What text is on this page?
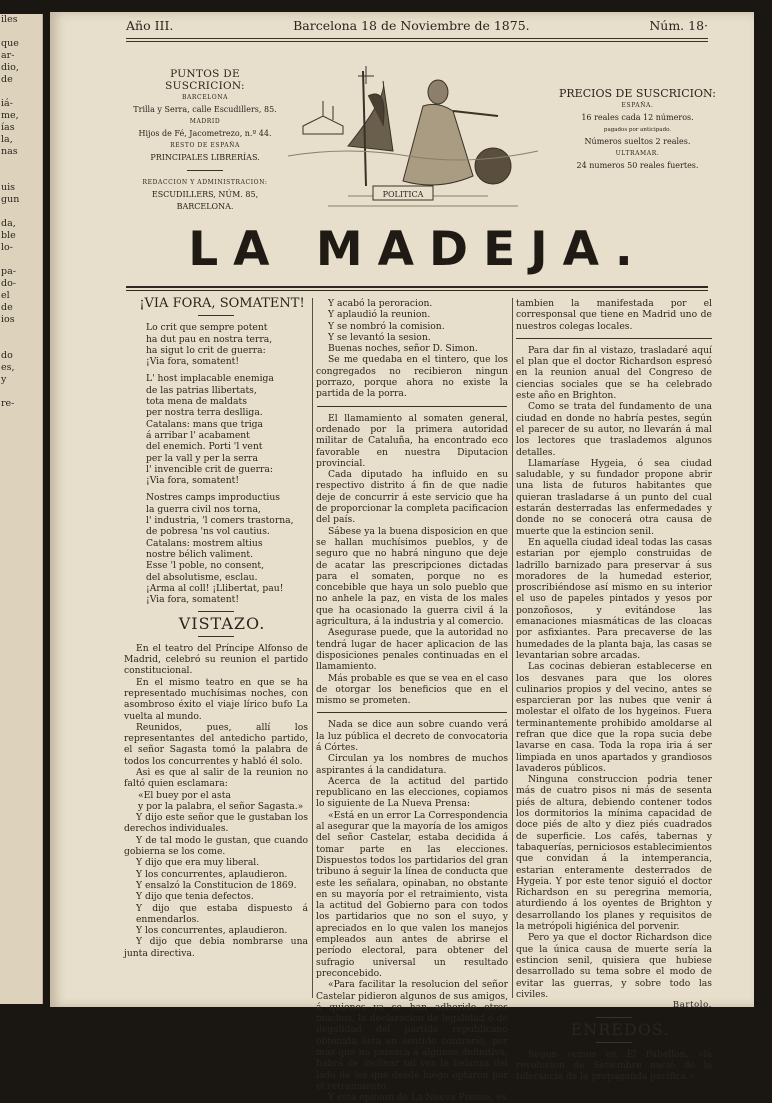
iles

que
ar-
dio,
de

iá-
me,
ías
la,
nas

uis
gun

da,
ble
lo-

pa-
do-
el
de
ios

do
es,
y

re-
Año III.	Barcelona 18 de Noviembre de 1875.	Núm. 18·
PUNTOS DE SUSCRICION:
BARCELONA
Trilla y Serra, calle Escudillers, 85.
MADRID
Hijos de Fé, Jacometrezo, n.º 44.
RESTO DE ESPAÑA
PRINCIPALES LIBRERÍAS.
REDACCION Y ADMINISTRACION:
ESCUDILLERS, NÚM. 85, BARCELONA.
POLITICA
PRECIOS DE SUSCRICION:
ESPAÑA.
16 reales cada 12 números.
pagados por anticipado.
Números sueltos 2 reales.
ULTRAMAR.
24 numeros 50 reales fuertes.
LA MADEJA.

¡VIA FORA, SOMATENT!

Lo crit que sempre potent
ha dut pau en nostra terra,
ha sigut lo crit de guerra:
¡Via fora, somatent!
L' host implacable enemiga
de las patrias llibertats,
tota mena de maldats
per nostra terra deslliga.
Catalans: mans que triga
á arribar l' acabament
del enemich. Porti 'l vent
per la vall y per la serra
l' invencible crit de guerra:
¡Via fora, somatent!
Nostres camps improductius
la guerra civil nos torna,
l' industria, 'l comers trastorna,
de pobresa 'ns vol cautius.
Catalans: mostrem altius
nostre bélich valiment.
Esse 'l poble, no consent,
del absolutisme, esclau.
¡Arma al coll! ¡Llibertat, pau!
¡Via fora, somatent!

VISTAZO.

En el teatro del Príncipe Alfonso de Madrid, celebró su reunion el partido constitucional.

En el mismo teatro en que se ha representado muchísimas noches, con asombroso éxito el viaje lírico bufo La vuelta al mundo.

Reunidos, pues, allí los representantes del antedicho partido, el señor Sagasta tomó la palabra de todos los concurrentes y habló él solo.

Asi es que al salir de la reunion no faltó quien esclamara:

«El buey por el asta
y por la palabra, el señor Sagasta.»

Y dijo este señor que le gustaban los derechos individuales.

Y de tal modo le gustan, que cuando gobierna se los come.

Y dijo que era muy liberal.
Y los concurrentes, aplaudieron.
Y ensalzó la Constitucion de 1869.
Y dijo que tenia defectos.
Y dijo que estaba dispuesto á enmendarlos.
Y los concurrentes, aplaudieron.

Y dijo que debia nombrarse una junta directiva.

Y acabó la peroracion.
Y aplaudió la reunion.
Y se nombró la comision.
Y se levantó la sesion.
Buenas noches, señor D. Simon.

Se me quedaba en el tintero, que los congregados no recibieron ningun porrazo, porque ahora no existe la partida de la porra.

El llamamiento al somaten general, ordenado por la primera autoridad militar de Cataluña, ha encontrado eco favorable en nuestra Diputacion provincial.

Cada diputado ha influido en su respectivo distrito á fin de que nadie deje de concurrir á este servicio que ha de proporcionar la completa pacificacion del país.

Sábese ya la buena disposicion en que se hallan muchísimos pueblos, y de seguro que no habrá ninguno que deje de acatar las prescripciones dictadas para el somaten, porque no es concebible que haya un solo pueblo que no anhele la paz, en vista de los males que ha ocasionado la guerra civil á la agricultura, á la industria y al comercio.

Asegurase puede, que la autoridad no tendrá lugar de hacer aplicacion de las disposiciones penales continuadas en el llamamiento.

Más probable es que se vea en el caso de otorgar los beneficios que en el mismo se prometen.

Nada se dice aun sobre cuando verá la luz pública el decreto de convocatoria á Córtes.

Circulan ya los nombres de muchos aspirantes á la candidatura.

Acerca de la actitud del partido republicano en las elecciones, copiamos lo siguiente de La Nueva Prensa:

«Está en un error La Correspondencia al asegurar que la mayoría de los amigos del señor Castelar, estaba decidida á tomar parte en las elecciones. Dispuestos todos los partidarios del gran tribuno á seguir la línea de conducta que este les señalara, opinaban, no obstante en su mayoría por el retraimiento, vista la actitud del Gobierno para con todos los partidarios que no son el suyo, y apreciados en lo que valen los manejos empleados aun antes de abrirse el período electoral, para obtener del sufragio universal un resultado preconcebido.

«Para facilitar la resolucion del señor Castelar pidieron algunos de sus amigos, á quienes ya se han adherido otros muchos, la declaracion de legalidad ó de ilegalidad del partido republicano obtenida ésta en sentido contrario, por más que no parezca á algunos definitiva, habrá de inclinar tal vez la balanza del lado de los que desde luego optaron por el retraimiento.

Y esta opinion de La Nueva Prensa, es

tambien la manifestada por el corresponsal que tiene en Madrid uno de nuestros colegas locales.

Para dar fin al vistazo, trasladaré aquí el plan que el doctor Richardson espresó en la reunion anual del Congreso de ciencias sociales que se ha celebrado este año en Brighton.

Como se trata del fundamento de una ciudad en donde no habría pestes, según el parecer de su autor, no llevarán á mal los lectores que traslademos algunos detalles.

Llamaríase Hygeia, ó sea ciudad saludable, y su fundador propone abrir una lista de futuros habitantes que quieran trasladarse á un punto del cual estarán desterradas las enfermedades y donde no se conocerá otra causa de muerte que la estincion senil.

En aquella ciudad ideal todas las casas estarian por ejemplo construidas de ladrillo barnizado para preservar á sus moradores de la humedad esterior, proscribiéndose así mismo en su interior el uso de papeles pintados y yesos por ponzoñosos, y evitándose las emanaciones miasmáticas de las cloacas por asfixiantes. Para precaverse de las humedades de la planta baja, las casas se levantarian sobre arcadas.

Las cocinas debieran establecerse en los desvanes para que los olores culinarios propios y del vecino, antes se esparcieran por las nubes que venir á molestar el olfato de los hygeinos. Fuera terminantemente prohibido amoldarse al refran que dice que la ropa sucia debe lavarse en casa. Toda la ropa iria á ser limpiada en unos apartados y grandiosos lavaderos públicos.

Ninguna construccion podria tener más de cuatro pisos ni más de sesenta piés de altura, debiendo contener todos los dormitorios la mínima capacidad de doce piés de alto y diez piés cuadrados de superficie. Los cafés, tabernas y tabaquerías, perniciosos establecimientos que convidan á la intemperancia, estarian enteramente desterrados de Hygeia. Y por este tenor siguió el doctor Richardson en su peregrina memoria, aturdiendo á los oyentes de Brighton y desarrollando los planes y requisitos de la metrópoli higiénica del porvenir.

Pero ya que el doctor Richardson dice que la única causa de muerte sería la estincion senil, quisiera que hubiese desarrollado su tema sobre el modo de evitar las guerras, y sobre todo las civiles.

Bartolo.

ENREDOS.

Segun vemos en El Pabellon, «la revolucion de Setiembre nació de la tolerancia de la propaganda pacífica.»
